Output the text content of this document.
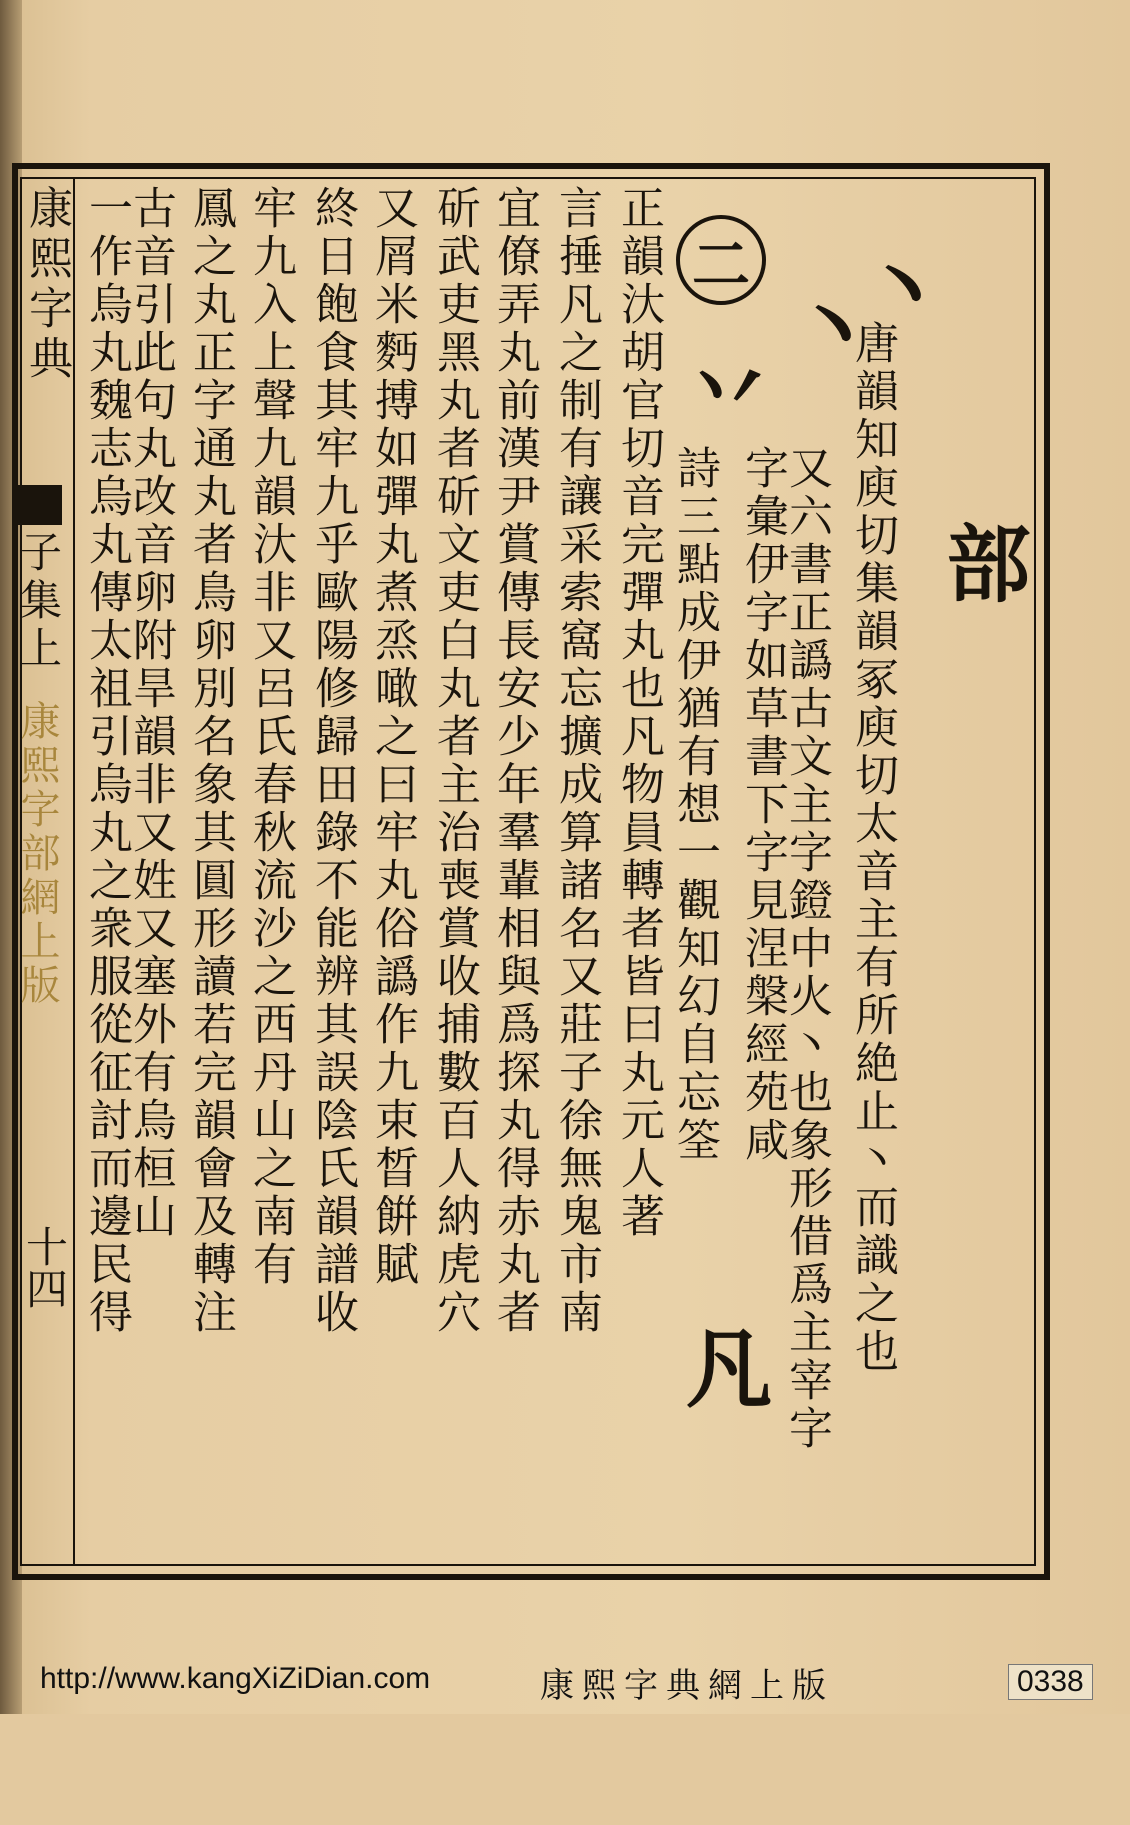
康熙字典
子集上
康熙字部網上版
十四
丶
部
二
丶
丷
凡 唐韻知庾切集韻冢庾切太音主有所絶止丶而識之也
又六書正譌古文主字鐙中火丶也象形借爲主宰字
字彙伊字如草書下字見涅槃經苑咸
詩三點成伊猶有想一觀知幻自忘筌
正韻汏胡官切音完彈丸也凡物員轉者皆曰丸元人著
言捶凡之制有讓采索窩忘擴成算諸名又莊子徐無鬼市南
宜僚弄丸前漢尹賞傳長安少年羣輩相與爲探丸得赤丸者
斫武吏黑丸者斫文吏白丸者主治喪賞收捕數百人納虎穴
又屑米麪搏如彈丸煮烝噉之曰牢丸俗譌作九束晳餠賦
終日飽食其牢九乎歐陽修歸田錄不能辨其誤陰氏韻譜收
牢九入上聲九韻汏非又呂氏春秋流沙之西丹山之南有
鳳之丸正字通丸者鳥卵別名象其圓形讀若完韻會及轉注
古音引此句丸改音卵附旱韻非又姓又塞外有烏桓山
一作烏丸魏志烏丸傳太祖引烏丸之衆服從征討而邊民得
http://www.kangXiZiDian.com	康熙字典網上版	0338
